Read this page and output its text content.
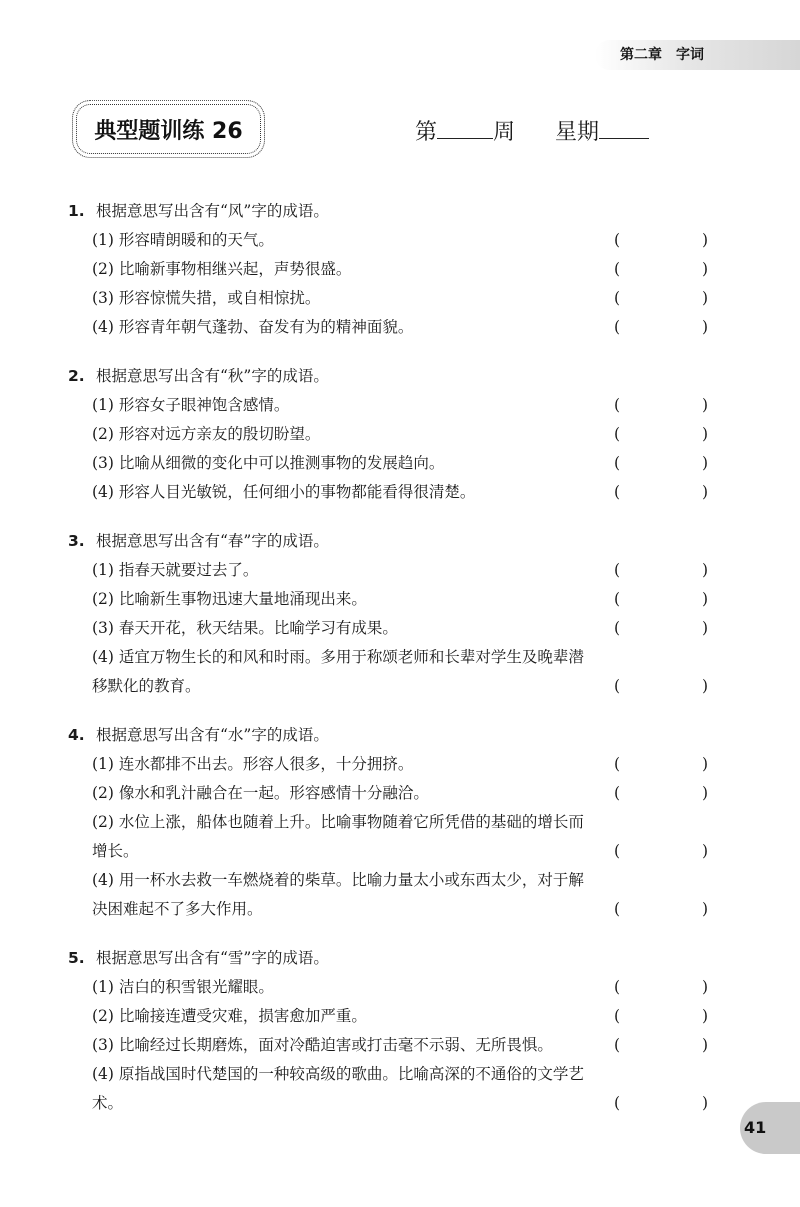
第二章　字词
典型题训练 26	第	周 星期
1. 根据意思写出含有“风”字的成语。
(1) 形容晴朗暖和的天气。	(	)
(2) 比喻新事物相继兴起，声势很盛。	(	)
(3) 形容惊慌失措，或自相惊扰。	(	)
(4) 形容青年朝气蓬勃、奋发有为的精神面貌。	(	)
2. 根据意思写出含有“秋”字的成语。
(1) 形容女子眼神饱含感情。	(	)
(2) 形容对远方亲友的殷切盼望。	(	)
(3) 比喻从细微的变化中可以推测事物的发展趋向。	(	)
(4) 形容人目光敏锐，任何细小的事物都能看得很清楚。	(	)
3. 根据意思写出含有“春”字的成语。
(1) 指春天就要过去了。	(	)
(2) 比喻新生事物迅速大量地涌现出来。	(	)
(3) 春天开花，秋天结果。比喻学习有成果。	(	)
(4) 适宜万物生长的和风和时雨。多用于称颂老师和长辈对学生及晚辈潜移默化的教育。	(	)
4. 根据意思写出含有“水”字的成语。
(1) 连水都排不出去。形容人很多，十分拥挤。	(	)
(2) 像水和乳汁融合在一起。形容感情十分融洽。	(	)
(2) 水位上涨，船体也随着上升。比喻事物随着它所凭借的基础的增长而增长。	(	)
(4) 用一杯水去救一车燃烧着的柴草。比喻力量太小或东西太少，对于解决困难起不了多大作用。	(	)
5. 根据意思写出含有“雪”字的成语。
(1) 洁白的积雪银光耀眼。	(	)
(2) 比喻接连遭受灾难，损害愈加严重。	(	)
(3) 比喻经过长期磨炼，面对冷酷迫害或打击毫不示弱、无所畏惧。	(	)
(4) 原指战国时代楚国的一种较高级的歌曲。比喻高深的不通俗的文学艺术。	(	)
41
